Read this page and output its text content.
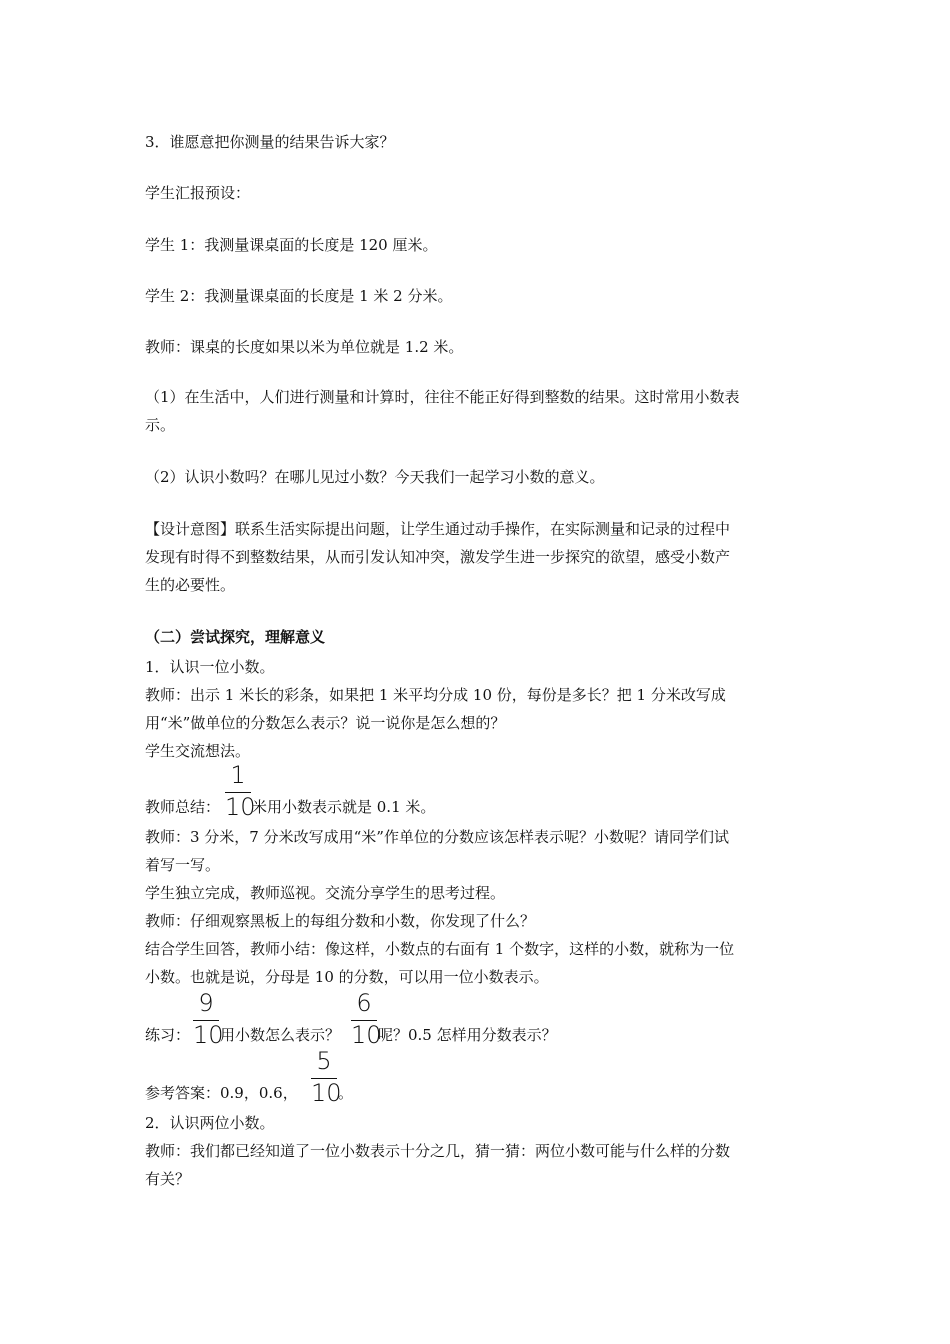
3．谁愿意把你测量的结果告诉大家？
学生汇报预设：
学生 1：我测量课桌面的长度是 120 厘米。
学生 2：我测量课桌面的长度是 1 米 2 分米。
教师：课桌的长度如果以米为单位就是 1.2 米。
（1）在生活中，人们进行测量和计算时，往往不能正好得到整数的结果。这时常用小数表
示。
（2）认识小数吗？在哪儿见过小数？今天我们一起学习小数的意义。
【设计意图】联系生活实际提出问题，让学生通过动手操作，在实际测量和记录的过程中
发现有时得不到整数结果，从而引发认知冲突，激发学生进一步探究的欲望，感受小数产
生的必要性。
（二）尝试探究，理解意义
1．认识一位小数。
教师：出示 1 米长的彩条，如果把 1 米平均分成 10 份，每份是多长？把 1 分米改写成
用“米”做单位的分数怎么表示？说一说你是怎么想的？
学生交流想法。
教师总结：
1
10
米用小数表示就是 0.1 米。
教师：3 分米，7 分米改写成用“米”作单位的分数应该怎样表示呢？小数呢？请同学们试
着写一写。
学生独立完成，教师巡视。交流分享学生的思考过程。
教师：仔细观察黑板上的每组分数和小数，你发现了什么？
结合学生回答，教师小结：像这样，小数点的右面有 1 个数字，这样的小数，就称为一位
小数。也就是说，分母是 10 的分数，可以用一位小数表示。
练习：
9
10
用小数怎么表示？
6
10
呢？0.5 怎样用分数表示？
参考答案：0.9，0.6，
5
10
。
2．认识两位小数。
教师：我们都已经知道了一位小数表示十分之几，猜一猜：两位小数可能与什么样的分数
有关？
